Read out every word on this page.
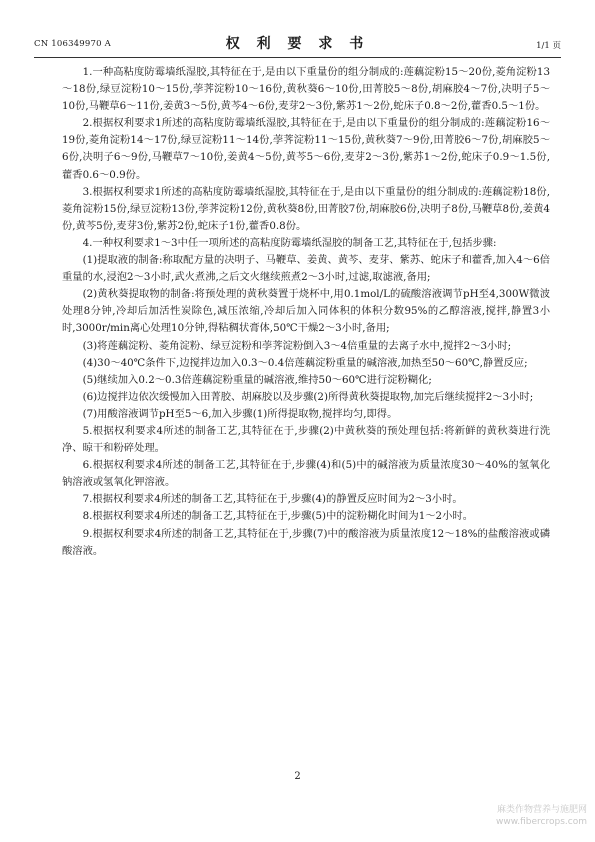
CN 106349970 A	权 利 要 求 书	1/1 页

1.一种高粘度防霉墙纸湿胶,其特征在于,是由以下重量份的组分制成的:莲藕淀粉15～20份,菱角淀粉13～18份,绿豆淀粉10～15份,荸荠淀粉10～16份,黄秋葵6～10份,田菁胶5～8份,胡麻胶4～7份,决明子5～10份,马鞭草6～11份,姜黄3～5份,黄芩4～6份,麦芽2～3份,紫苏1～2份,蛇床子0.8～2份,藿香0.5～1份。

2.根据权利要求1所述的高粘度防霉墙纸湿胶,其特征在于,是由以下重量份的组分制成的:莲藕淀粉16～19份,菱角淀粉14～17份,绿豆淀粉11～14份,荸荠淀粉11～15份,黄秋葵7～9份,田菁胶6～7份,胡麻胶5～6份,决明子6～9份,马鞭草7～10份,姜黄4～5份,黄芩5～6份,麦芽2～3份,紫苏1～2份,蛇床子0.9～1.5份,藿香0.6～0.9份。

3.根据权利要求1所述的高粘度防霉墙纸湿胶,其特征在于,是由以下重量份的组分制成的:莲藕淀粉18份,菱角淀粉15份,绿豆淀粉13份,荸荠淀粉12份,黄秋葵8份,田菁胶7份,胡麻胶6份,决明子8份,马鞭草8份,姜黄4份,黄芩5份,麦芽3份,紫苏2份,蛇床子1份,藿香0.8份。

4.一种权利要求1～3中任一项所述的高粘度防霉墙纸湿胶的制备工艺,其特征在于,包括步骤:

(1)提取液的制备:称取配方量的决明子、马鞭草、姜黄、黄芩、麦芽、紫苏、蛇床子和藿香,加入4～6倍重量的水,浸泡2～3小时,武火煮沸,之后文火继续煎煮2～3小时,过滤,取滤液,备用;

(2)黄秋葵提取物的制备:将预处理的黄秋葵置于烧杯中,用0.1mol/L的硫酸溶液调节pH至4,300W微波处理8分钟,冷却后加活性炭除色,减压浓缩,冷却后加入同体积的体积分数95%的乙醇溶液,搅拌,静置3小时,3000r/min离心处理10分钟,得粘稠状膏体,50℃干燥2～3小时,备用;

(3)将莲藕淀粉、菱角淀粉、绿豆淀粉和荸荠淀粉倒入3～4倍重量的去离子水中,搅拌2～3小时;

(4)30～40℃条件下,边搅拌边加入0.3～0.4倍莲藕淀粉重量的碱溶液,加热至50～60℃,静置反应;

(5)继续加入0.2～0.3倍莲藕淀粉重量的碱溶液,维持50～60℃进行淀粉糊化;

(6)边搅拌边依次缓慢加入田菁胶、胡麻胶以及步骤(2)所得黄秋葵提取物,加完后继续搅拌2～3小时;

(7)用酸溶液调节pH至5～6,加入步骤(1)所得提取物,搅拌均匀,即得。

5.根据权利要求4所述的制备工艺,其特征在于,步骤(2)中黄秋葵的预处理包括:将新鲜的黄秋葵进行洗净、晾干和粉碎处理。

6.根据权利要求4所述的制备工艺,其特征在于,步骤(4)和(5)中的碱溶液为质量浓度30～40%的氢氧化钠溶液或氢氧化钾溶液。

7.根据权利要求4所述的制备工艺,其特征在于,步骤(4)的静置反应时间为2～3小时。

8.根据权利要求4所述的制备工艺,其特征在于,步骤(5)中的淀粉糊化时间为1～2小时。

9.根据权利要求4所述的制备工艺,其特征在于,步骤(7)中的酸溶液为质量浓度12～18%的盐酸溶液或磷酸溶液。

2
麻类作物营养与施肥网
www.fibercrops.com
